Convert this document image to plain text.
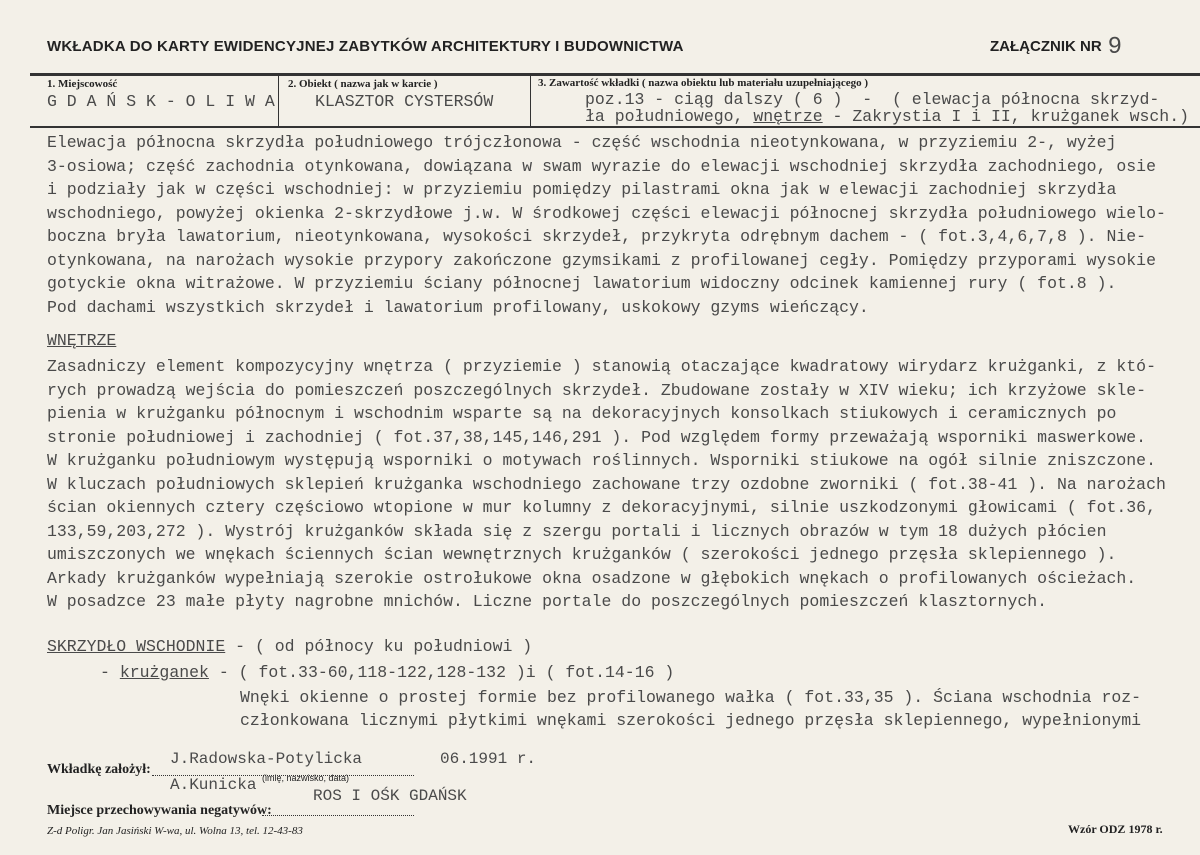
WKŁADKA DO KARTY EWIDENCYJNEJ ZABYTKÓW ARCHITEKTURY I BUDOWNICTWA	ZAŁĄCZNIK NR 9
1. Miejscowość
G D A Ń S K - O L I W A
2. Obiekt ( nazwa jak w karcie )
KLASZTOR CYSTERSÓW
3. Zawartość wkładki ( nazwa obiektu lub materiału uzupełniającego )
poz.13 - ciąg dalszy ( 6 )  -  ( elewacja północna skrzyd-
ła południowego, wnętrze - Zakrystia I i II, krużganek wsch.)
Elewacja północna skrzydła południowego trójczłonowa - część wschodnia nieotynkowana, w przyziemiu 2-, wyżej
3-osiowa; część zachodnia otynkowana, dowiązana w swam wyrazie do elewacji wschodniej skrzydła zachodniego, osie
i podziały jak w części wschodniej: w przyziemiu pomiędzy pilastrami okna jak w elewacji zachodniej skrzydła
wschodniego, powyżej okienka 2-skrzydłowe j.w. W środkowej części elewacji północnej skrzydła południowego wielo-
boczna bryła lawatorium, nieotynkowana, wysokości skrzydeł, przykryta odrębnym dachem - ( fot.3,4,6,7,8 ). Nie-
otynkowana, na narożach wysokie przypory zakończone gzymsikami z profilowanej cegły. Pomiędzy przyporami wysokie
gotyckie okna witrażowe. W przyziemiu ściany północnej lawatorium widoczny odcinek kamiennej rury ( fot.8 ).
Pod dachami wszystkich skrzydeł i lawatorium profilowany, uskokowy gzyms wieńczący.
Zasadniczy element kompozycyjny wnętrza ( przyziemie ) stanowią otaczające kwadratowy wirydarz krużganki, z któ-
rych prowadzą wejścia do pomieszczeń poszczególnych skrzydeł. Zbudowane zostały w XIV wieku; ich krzyżowe skle-
pienia w krużganku północnym i wschodnim wsparte są na dekoracyjnych konsolkach stiukowych i ceramicznych po
stronie południowej i zachodniej ( fot.37,38,145,146,291 ). Pod względem formy przeważają wsporniki maswerkowe.
W krużganku południowym występują wsporniki o motywach roślinnych. Wsporniki stiukowe na ogół silnie zniszczone.
W kluczach południowych sklepień krużganka wschodniego zachowane trzy ozdobne zworniki ( fot.38-41 ). Na narożach
ścian okiennych cztery częściowo wtopione w mur kolumny z dekoracyjnymi, silnie uszkodzonymi głowicami ( fot.36,
133,59,203,272 ). Wystrój krużganków składa się z szergu portali i licznych obrazów w tym 18 dużych płócien
umiszczonych we wnękach ściennych ścian wewnętrznych krużganków ( szerokości jednego przęsła sklepiennego ).
Arkady krużganków wypełniają szerokie ostrołukowe okna osadzone w głębokich wnękach o profilowanych ościeżach.
W posadzce 23 małe płyty nagrobne mnichów. Liczne portale do poszczególnych pomieszczeń klasztornych.
Wnęki okienne o prostej formie bez profilowanego wałka ( fot.33,35 ). Ściana wschodnia roz-
członkowana licznymi płytkimi wnękami szerokości jednego przęsła sklepiennego, wypełnionymi
WNĘTRZE
SKRZYDŁO WSCHODNIE - ( od północy ku południowi )
- krużganek - ( fot.33-60,118-122,128-132 )i ( fot.14-16 )
Wkładkę założył:
J.Radowska-Potylicka	06.1991 r.
A.Kunicka (imię, nazwisko, data)
ROS I OŚK GDAŃSK
Miejsce przechowywania negatywów:
Z-d Poligr. Jan Jasiński W-wa, ul. Wolna 13, tel. 12-43-83	Wzór ODZ 1978 r.
